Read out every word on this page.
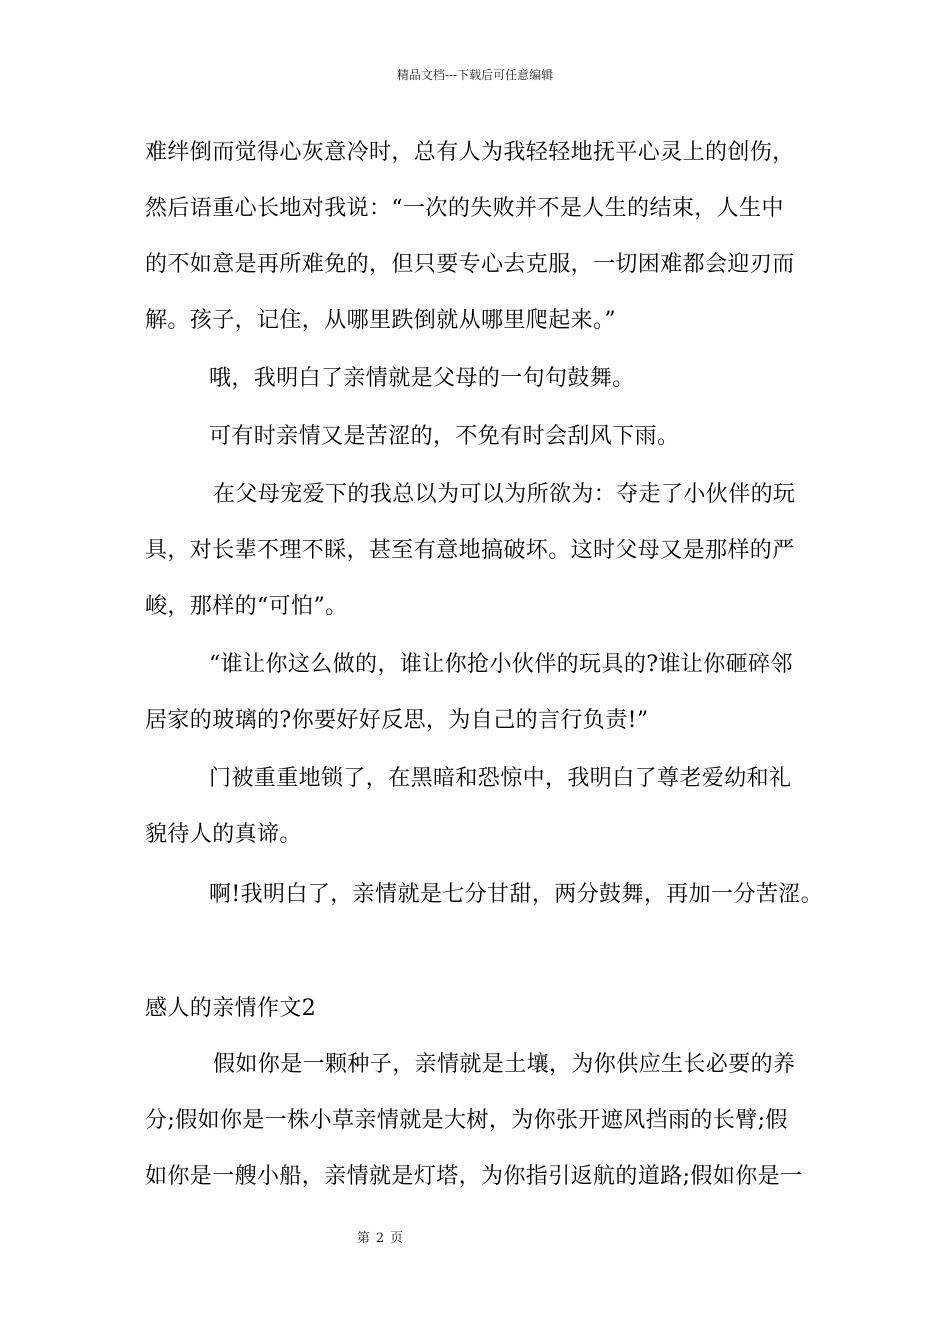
精品文档---下载后可任意编辑
难绊倒而觉得心灰意冷时，总有人为我轻轻地抚平心灵上的创伤，
然后语重心长地对我说：“一次的失败并不是人生的结束，人生中
的不如意是再所难免的，但只要专心去克服，一切困难都会迎刃而
解。孩子，记住，从哪里跌倒就从哪里爬起来。”
哦，我明白了亲情就是父母的一句句鼓舞。
可有时亲情又是苦涩的，不免有时会刮风下雨。
在父母宠爱下的我总以为可以为所欲为：夺走了小伙伴的玩
具，对长辈不理不睬，甚至有意地搞破坏。这时父母又是那样的严
峻，那样的“可怕”。
“谁让你这么做的，谁让你抢小伙伴的玩具的?谁让你砸碎邻
居家的玻璃的?你要好好反思，为自己的言行负责!”
门被重重地锁了，在黑暗和恐惊中，我明白了尊老爱幼和礼
貌待人的真谛。
啊!我明白了，亲情就是七分甘甜，两分鼓舞，再加一分苦涩。
感人的亲情作文2
假如你是一颗种子，亲情就是土壤，为你供应生长必要的养
分;假如你是一株小草亲情就是大树，为你张开遮风挡雨的长臂;假
如你是一艘小船，亲情就是灯塔，为你指引返航的道路;假如你是一
第 2 页
